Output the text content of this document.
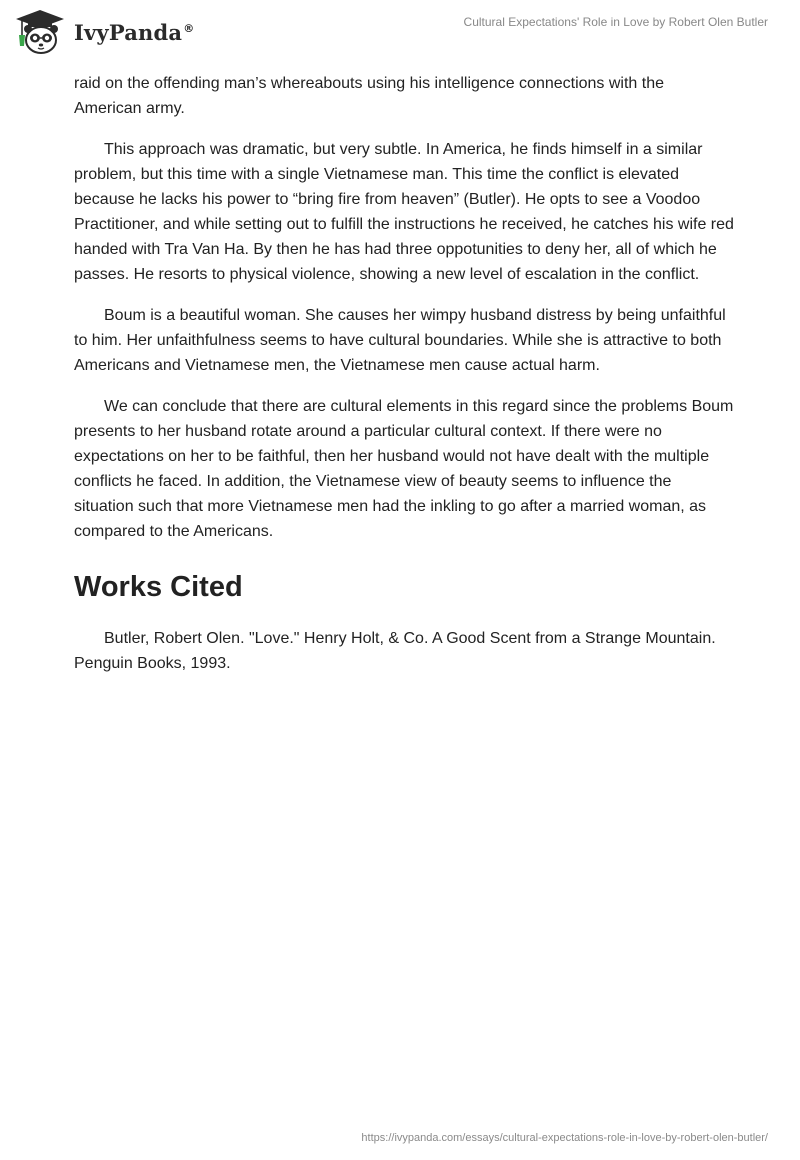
IvyPanda®	Cultural Expectations' Role in Love by Robert Olen Butler

raid on the offending man’s whereabouts using his intelligence connections with the American army.

This approach was dramatic, but very subtle. In America, he finds himself in a similar problem, but this time with a single Vietnamese man. This time the conflict is elevated because he lacks his power to “bring fire from heaven” (Butler). He opts to see a Voodoo Practitioner, and while setting out to fulfill the instructions he received, he catches his wife red handed with Tra Van Ha. By then he has had three oppotunities to deny her, all of which he passes. He resorts to physical violence, showing a new level of escalation in the conflict.

Boum is a beautiful woman. She causes her wimpy husband distress by being unfaithful to him. Her unfaithfulness seems to have cultural boundaries. While she is attractive to both Americans and Vietnamese men, the Vietnamese men cause actual harm.

We can conclude that there are cultural elements in this regard since the problems Boum presents to her husband rotate around a particular cultural context. If there were no expectations on her to be faithful, then her husband would not have dealt with the multiple conflicts he faced. In addition, the Vietnamese view of beauty seems to influence the situation such that more Vietnamese men had the inkling to go after a married woman, as compared to the Americans.

Works Cited

Butler, Robert Olen. "Love." Henry Holt, & Co. A Good Scent from a Strange Mountain. Penguin Books, 1993.

https://ivypanda.com/essays/cultural-expectations-role-in-love-by-robert-olen-butler/
